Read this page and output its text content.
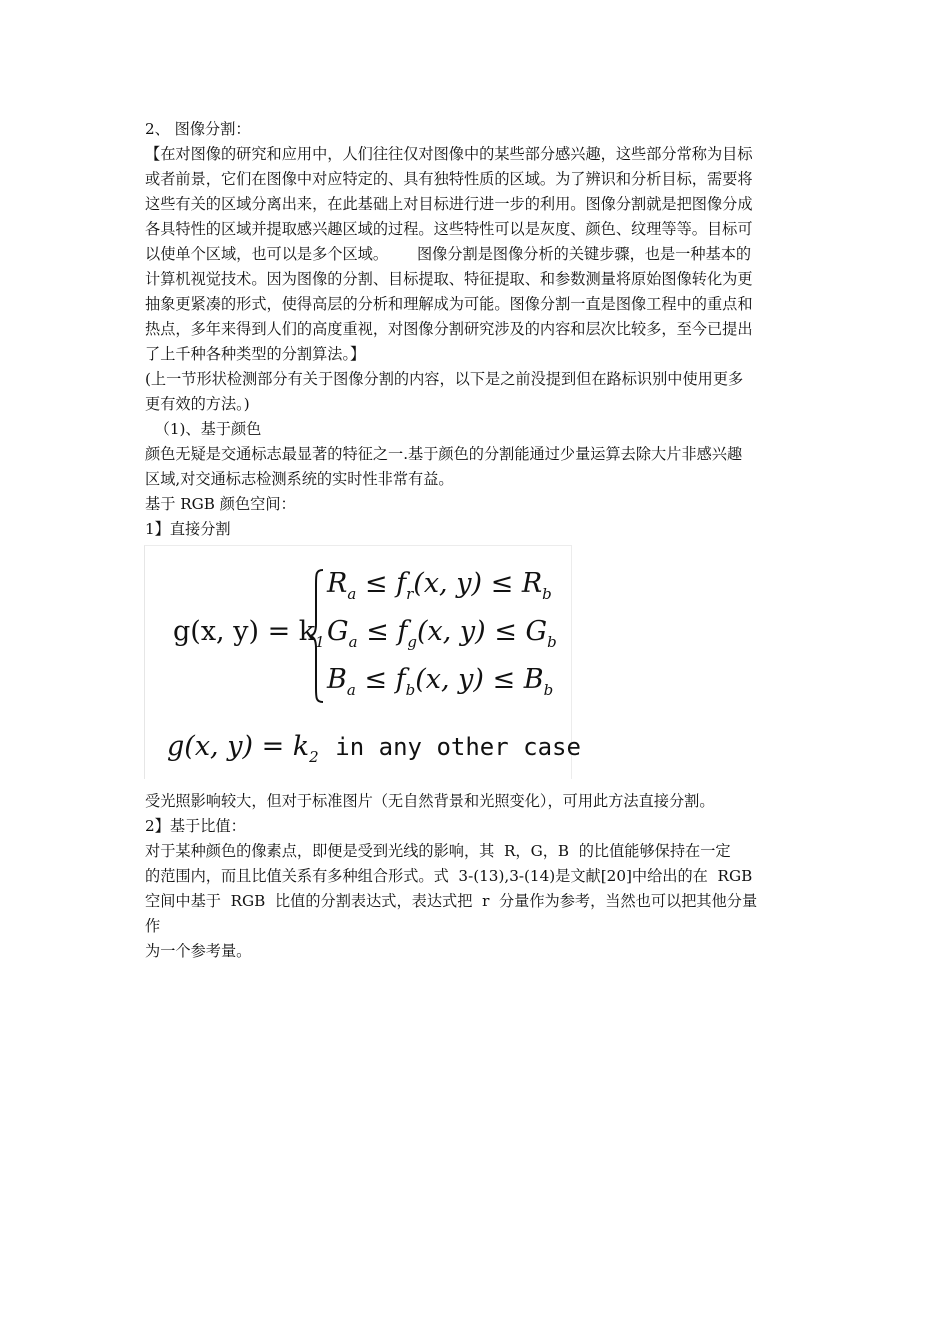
2、 图像分割：
【在对图像的研究和应用中，人们往往仅对图像中的某些部分感兴趣，这些部分常称为目标
或者前景，它们在图像中对应特定的、具有独特性质的区域。为了辨识和分析目标，需要将
这些有关的区域分离出来，在此基础上对目标进行进一步的利用。图像分割就是把图像分成
各具特性的区域并提取感兴趣区域的过程。这些特性可以是灰度、颜色、纹理等等。目标可
以使单个区域，也可以是多个区域。      图像分割是图像分析的关键步骤，也是一种基本的
计算机视觉技术。因为图像的分割、目标提取、特征提取、和参数测量将原始图像转化为更
抽象更紧凑的形式，使得高层的分析和理解成为可能。图像分割一直是图像工程中的重点和
热点，多年来得到人们的高度重视，对图像分割研究涉及的内容和层次比较多，至今已提出
了上千种各种类型的分割算法。】
(上一节形状检测部分有关于图像分割的内容，以下是之前没提到但在路标识别中使用更多
更有效的方法。)
（1)、基于颜色
颜色无疑是交通标志最显著的特征之一.基于颜色的分割能通过少量运算去除大片非感兴趣
区域,对交通标志检测系统的实时性非常有益。
基于 RGB 颜色空间：
1】直接分割
g(x, $y) = k_1$
$R_a \le f_r(x$, $y) \le R_b$
$G_a \le f_g(x$, $y) \le G_b$
$B_a \le f_b(x$, $y) \le B_b$
g(x, $y) = k_2$ in any other case
受光照影响较大，但对于标准图片（无自然背景和光照变化），可用此方法直接分割。
2】基于比值：
对于某种颜色的像素点，即便是受到光线的影响，其  R，G，B  的比值能够保持在一定
的范围内，而且比值关系有多种组合形式。式  3-(13),3-(14)是文献[20]中给出的在  RGB
空间中基于  RGB  比值的分割表达式，表达式把  r  分量作为参考，当然也可以把其他分量
作
为一个参考量。
